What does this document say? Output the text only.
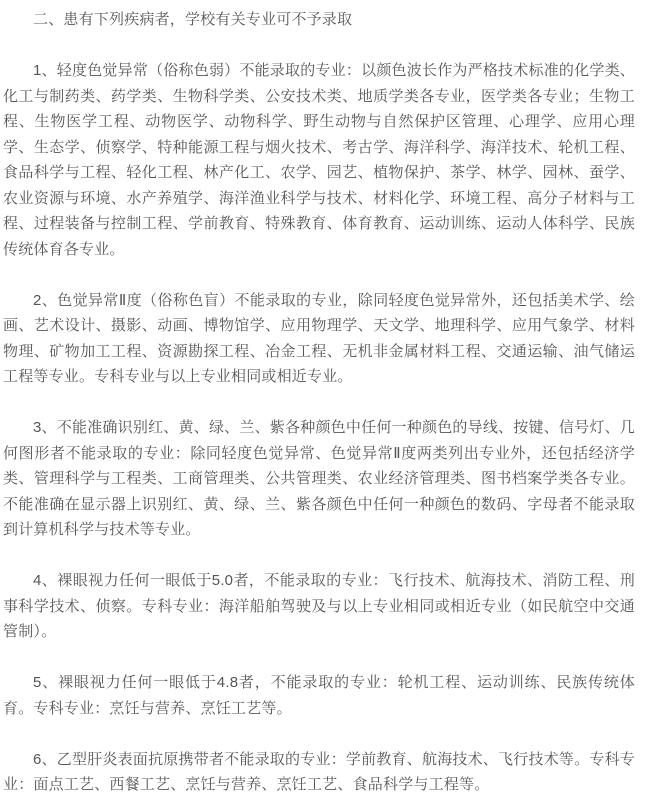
二、患有下列疾病者，学校有关专业可不予录取

1、轻度色觉异常（俗称色弱）不能录取的专业：以颜色波长作为严格技术标准的化学类、化工与制药类、药学类、生物科学类、公安技术类、地质学类各专业，医学类各专业；生物工程、生物医学工程、动物医学、动物科学、野生动物与自然保护区管理、心理学、应用心理学、生态学、侦察学、特种能源工程与烟火技术、考古学、海洋科学、海洋技术、轮机工程、食品科学与工程、轻化工程、林产化工、农学、园艺、植物保护、茶学、林学、园林、蚕学、农业资源与环境、水产养殖学、海洋渔业科学与技术、材料化学、环境工程、高分子材料与工程、过程装备与控制工程、学前教育、特殊教育、体育教育、运动训练、运动人体科学、民族传统体育各专业。

2、色觉异常Ⅱ度（俗称色盲）不能录取的专业，除同轻度色觉异常外，还包括美术学、绘画、艺术设计、摄影、动画、博物馆学、应用物理学、天文学、地理科学、应用气象学、材料物理、矿物加工工程、资源勘探工程、冶金工程、无机非金属材料工程、交通运输、油气储运工程等专业。专科专业与以上专业相同或相近专业。

3、不能准确识别红、黄、绿、兰、紫各种颜色中任何一种颜色的导线、按键、信号灯、几何图形者不能录取的专业：除同轻度色觉异常、色觉异常Ⅱ度两类列出专业外，还包括经济学类、管理科学与工程类、工商管理类、公共管理类、农业经济管理类、图书档案学类各专业。不能准确在显示器上识别红、黄、绿、兰、紫各颜色中任何一种颜色的数码、字母者不能录取到计算机科学与技术等专业。

4、裸眼视力任何一眼低于5.0者，不能录取的专业：飞行技术、航海技术、消防工程、刑事科学技术、侦察。专科专业：海洋船舶驾驶及与以上专业相同或相近专业（如民航空中交通管制）。

5、裸眼视力任何一眼低于4.8者，不能录取的专业：轮机工程、运动训练、民族传统体育。专科专业：烹饪与营养、烹饪工艺等。

6、乙型肝炎表面抗原携带者不能录取的专业：学前教育、航海技术、飞行技术等。专科专业：面点工艺、西餐工艺、烹饪与营养、烹饪工艺、食品科学与工程等。
